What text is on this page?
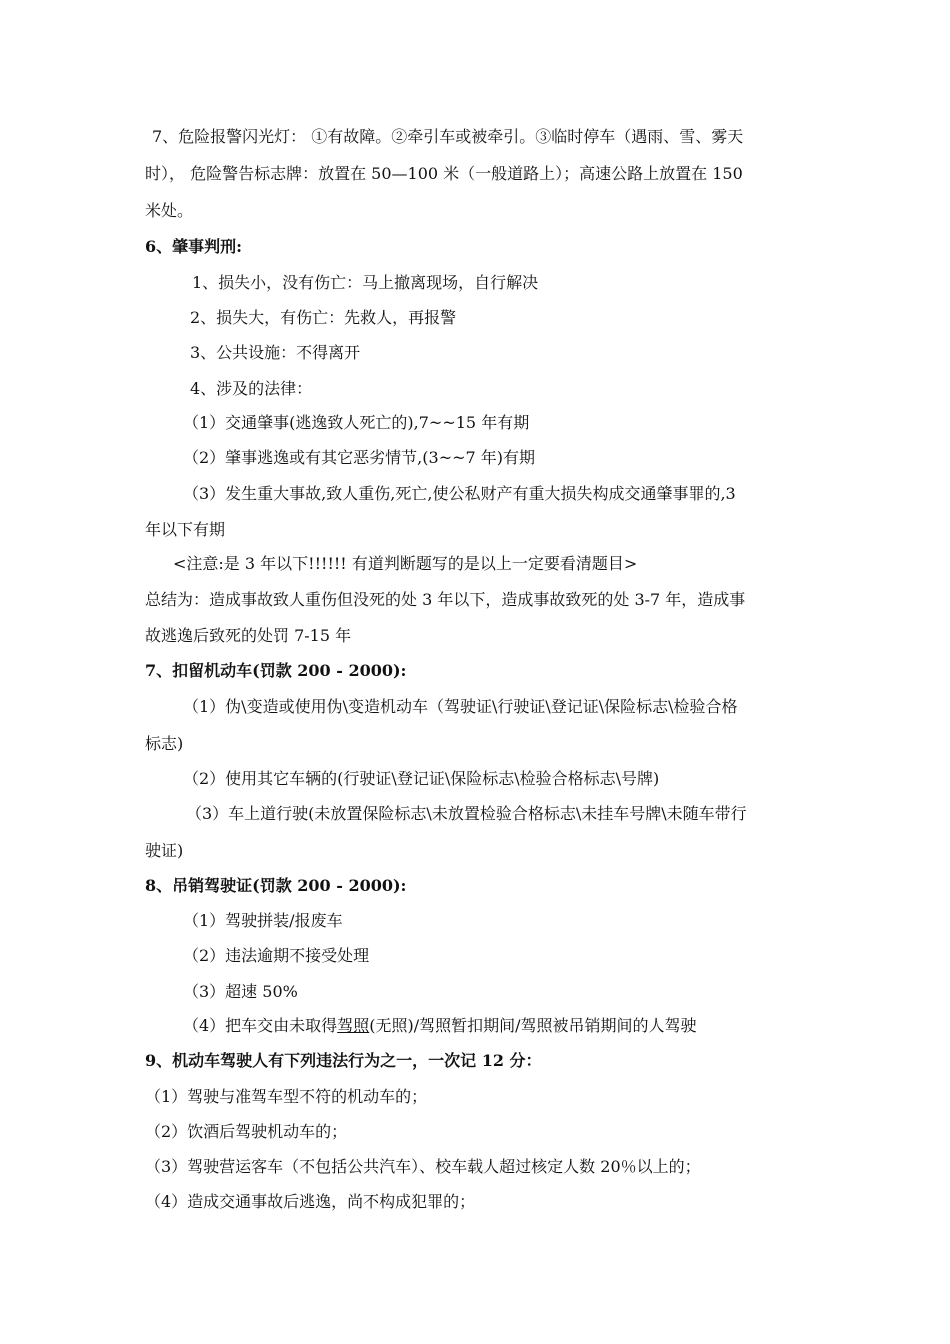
7、危险报警闪光灯： ①有故障。②牵引车或被牵引。③临时停车（遇雨、雪、雾天
时）， 危险警告标志牌：放置在 50—100 米（一般道路上）；高速公路上放置在 150
米处。
6、肇事判刑:
1、损失小，没有伤亡：马上撤离现场，自行解决
2、损失大，有伤亡：先救人，再报警
3、公共设施：不得离开
4、涉及的法律：
（1）交通肇事(逃逸致人死亡的),7~~15 年有期
（2）肇事逃逸或有其它恶劣情节,(3~~7 年)有期
（3）发生重大事故,致人重伤,死亡,使公私财产有重大损失构成交通肇事罪的,3
年以下有期
<注意:是 3 年以下!!!!!! 有道判断题写的是以上一定要看清题目>
总结为：造成事故致人重伤但没死的处 3 年以下，造成事故致死的处 3-7 年，造成事
故逃逸后致死的处罚 7-15 年
7、扣留机动车(罚款 200 - 2000):
（1）伪\变造或使用伪\变造机动车（驾驶证\行驶证\登记证\保险标志\检验合格
标志)
（2）使用其它车辆的(行驶证\登记证\保险标志\检验合格标志\号牌)
（3）车上道行驶(未放置保险标志\未放置检验合格标志\未挂车号牌\未随车带行
驶证)
8、吊销驾驶证(罚款 200 - 2000):
（1）驾驶拼装/报废车
（2）违法逾期不接受处理
（3）超速 50%
（4）把车交由未取得驾照(无照)/驾照暂扣期间/驾照被吊销期间的人驾驶
9、机动车驾驶人有下列违法行为之一，一次记 12 分：
（1）驾驶与准驾车型不符的机动车的；
（2）饮酒后驾驶机动车的；
（3）驾驶营运客车（不包括公共汽车）、校车载人超过核定人数 20％以上的；
（4）造成交通事故后逃逸，尚不构成犯罪的；
